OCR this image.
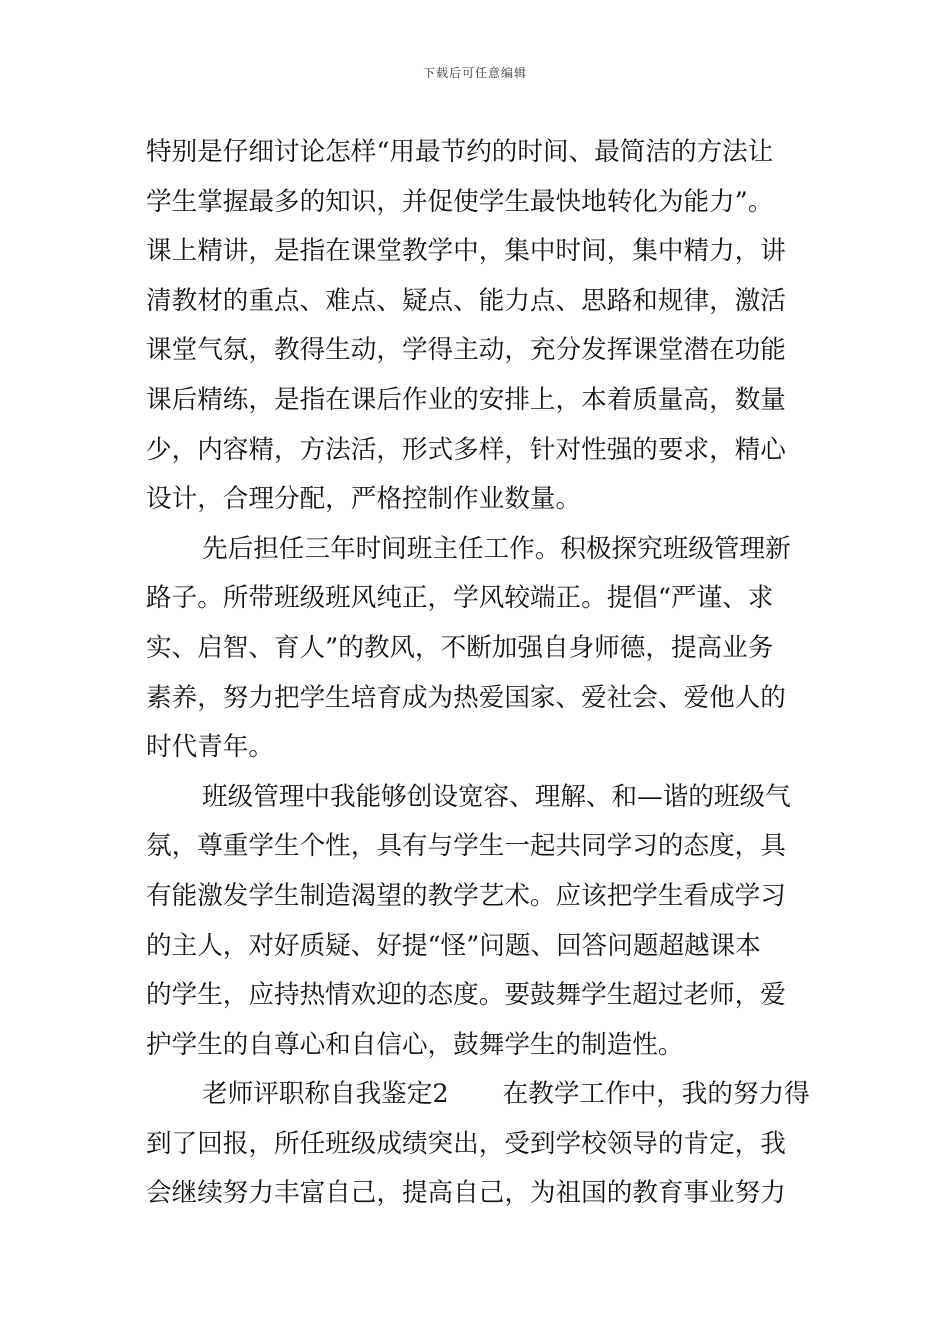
下载后可任意编辑
特别是仔细讨论怎样“用最节约的时间、最简洁的方法让
学生掌握最多的知识，并促使学生最快地转化为能力”。
课上精讲，是指在课堂教学中，集中时间，集中精力，讲
清教材的重点、难点、疑点、能力点、思路和规律，激活
课堂气氛，教得生动，学得主动，充分发挥课堂潜在功能
课后精练，是指在课后作业的安排上，本着质量高，数量
少，内容精，方法活，形式多样，针对性强的要求，精心
设计，合理分配，严格控制作业数量。
先后担任三年时间班主任工作。积极探究班级管理新
路子。所带班级班风纯正，学风较端正。提倡“严谨、求
实、启智、育人”的教风，不断加强自身师德，提高业务
素养，努力把学生培育成为热爱国家、爱社会、爱他人的
时代青年。
班级管理中我能够创设宽容、理解、和—谐的班级气
氛，尊重学生个性，具有与学生一起共同学习的态度，具
有能激发学生制造渴望的教学艺术。应该把学生看成学习
的主人，对好质疑、好提“怪”问题、回答问题超越课本
的学生，应持热情欢迎的态度。要鼓舞学生超过老师，爱
护学生的自尊心和自信心，鼓舞学生的制造性。
老师评职称自我鉴定2 在教学工作中，我的努力得
到了回报，所任班级成绩突出，受到学校领导的肯定，我
会继续努力丰富自己，提高自己，为祖国的教育事业努力
